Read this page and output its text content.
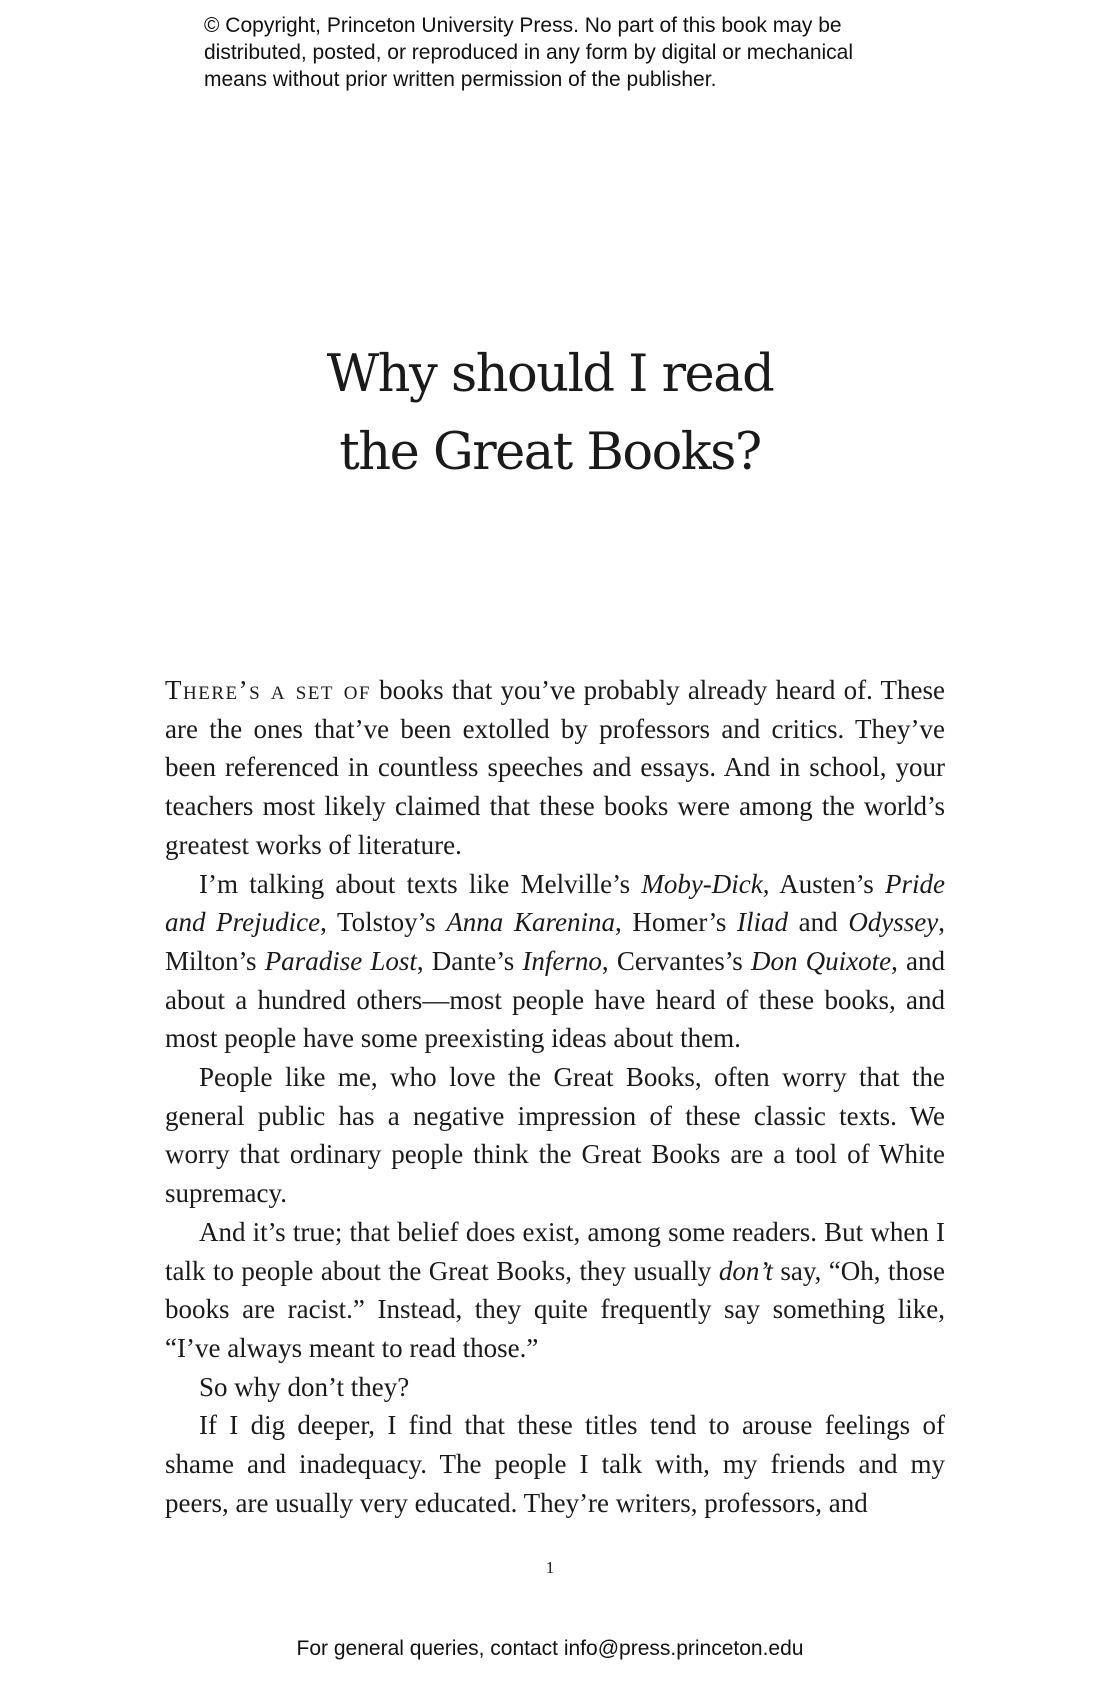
© Copyright, Princeton University Press. No part of this book may be
distributed, posted, or reproduced in any form by digital or mechanical
means without prior written permission of the publisher.
Why should I read
the Great Books?

There’s a set of books that you’ve probably already heard of. These are the ones that’ve been extolled by professors and critics. They’ve been referenced in countless speeches and essays. And in school, your teachers most likely claimed that these books were among the world’s greatest works of literature.

I’m talking about texts like Melville’s Moby-Dick, Austen’s Pride and Prejudice, Tolstoy’s Anna Karenina, Homer’s Iliad and Odyssey, Milton’s Paradise Lost, Dante’s Inferno, Cervantes’s Don Quixote, and about a hundred others—most people have heard of these books, and most people have some preexisting ideas about them.

People like me, who love the Great Books, often worry that the general public has a negative impression of these classic texts. We worry that ordinary people think the Great Books are a tool of White supremacy.

And it’s true; that belief does exist, among some readers. But when I talk to people about the Great Books, they usually don’t say, “Oh, those books are racist.” Instead, they quite frequently say something like, “I’ve always meant to read those.”

So why don’t they?

If I dig deeper, I find that these titles tend to arouse feelings of shame and inadequacy. The people I talk with, my friends and my peers, are usually very educated. They’re writers, professors, and

1
For general queries, contact info@press.princeton.edu
